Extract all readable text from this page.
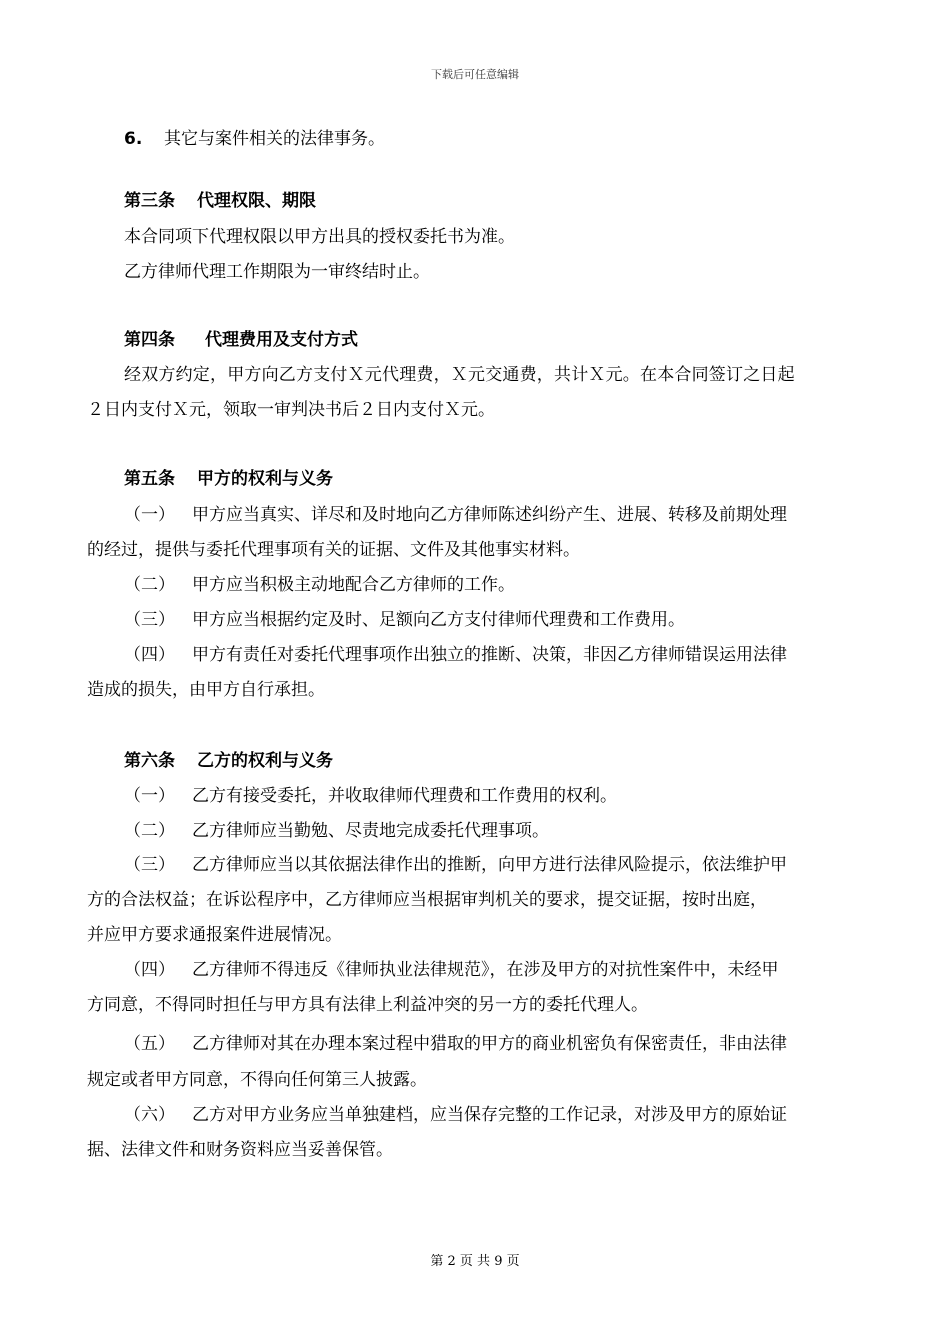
下载后可任意编辑
6. 其它与案件相关的法律事务。
第三条 代理权限、期限
本合同项下代理权限以甲方出具的授权委托书为准。
乙方律师代理工作期限为一审终结时止。
第四条 代理费用及支付方式
经双方约定，甲方向乙方支付Ｘ元代理费，Ｘ元交通费，共计Ｘ元。在本合同签订之日起
２日内支付Ｘ元，领取一审判决书后２日内支付Ｘ元。
第五条 甲方的权利与义务
（一） 甲方应当真实、详尽和及时地向乙方律师陈述纠纷产生、进展、转移及前期处理
的经过，提供与委托代理事项有关的证据、文件及其他事实材料。
（二） 甲方应当积极主动地配合乙方律师的工作。
（三） 甲方应当根据约定及时、足额向乙方支付律师代理费和工作费用。
（四） 甲方有责任对委托代理事项作出独立的推断、决策，非因乙方律师错误运用法律
造成的损失，由甲方自行承担。
第六条 乙方的权利与义务
（一） 乙方有接受委托，并收取律师代理费和工作费用的权利。
（二） 乙方律师应当勤勉、尽责地完成委托代理事项。
（三） 乙方律师应当以其依据法律作出的推断，向甲方进行法律风险提示，依法维护甲
方的合法权益；在诉讼程序中，乙方律师应当根据审判机关的要求，提交证据，按时出庭，
并应甲方要求通报案件进展情况。
（四） 乙方律师不得违反《律师执业法律规范》，在涉及甲方的对抗性案件中，未经甲
方同意，不得同时担任与甲方具有法律上利益冲突的另一方的委托代理人。
（五） 乙方律师对其在办理本案过程中猎取的甲方的商业机密负有保密责任，非由法律
规定或者甲方同意，不得向任何第三人披露。
（六） 乙方对甲方业务应当单独建档，应当保存完整的工作记录，对涉及甲方的原始证
据、法律文件和财务资料应当妥善保管。
第 2 页 共 9 页
